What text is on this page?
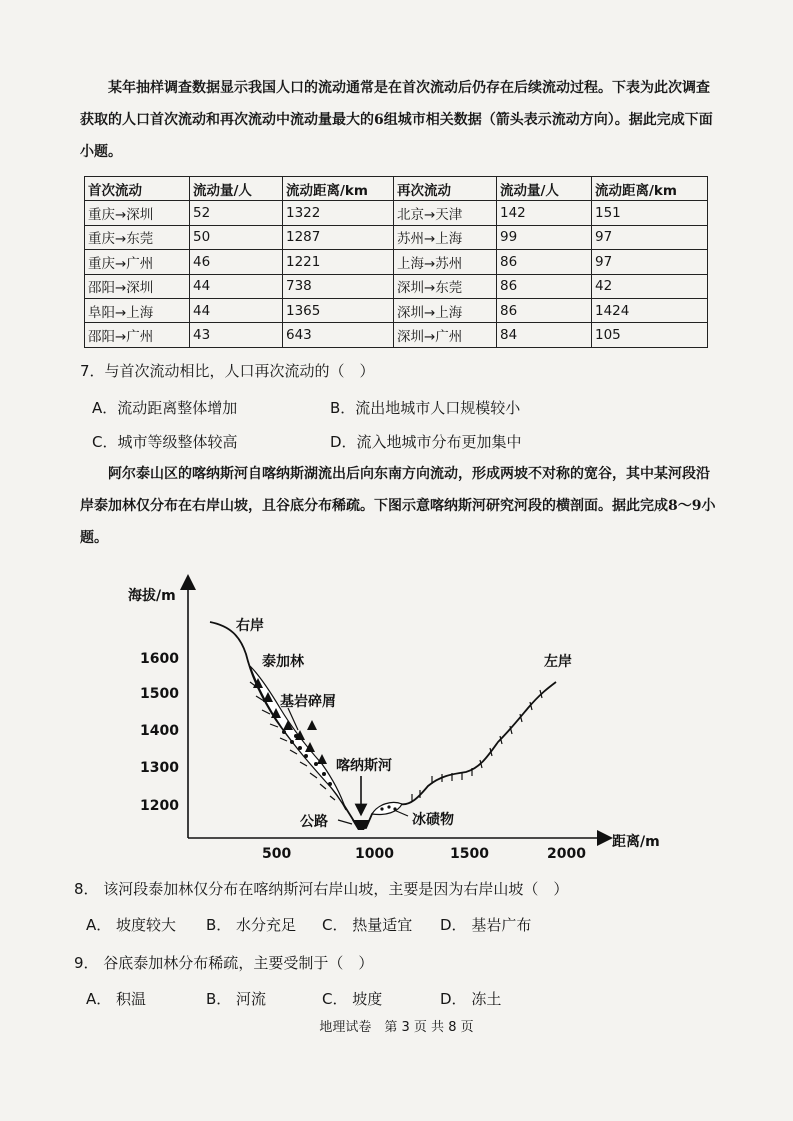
某年抽样调查数据显示我国人口的流动通常是在首次流动后仍存在后续流动过程。下表为此次调查获取的人口首次流动和再次流动中流动量最大的6组城市相关数据（箭头表示流动方向）。据此完成下面小题。

首次流动	流动量/人	流动距离/km	再次流动	流动量/人	流动距离/km
重庆→深圳	52	1322	北京→天津	142	151
重庆→东莞	50	1287	苏州→上海	99	97
重庆→广州	46	1221	上海→苏州	86	97
邵阳→深圳	44	738	深圳→东莞	86	42
阜阳→上海	44	1365	深圳→上海	86	1424
邵阳→广州	43	643	深圳→广州	84	105

7．与首次流动相比，人口再次流动的（　）

A．流动距离整体增加	B．流出地城市人口规模较小

C．城市等级整体较高	D．流入地城市分布更加集中

阿尔泰山区的喀纳斯河自喀纳斯湖流出后向东南方向流动，形成两坡不对称的宽谷，其中某河段沿岸泰加林仅分布在右岸山坡，且谷底分布稀疏。下图示意喀纳斯河研究河段的横剖面。据此完成8～9小题。

海拔/m
距离/m
1600
1500
1400
1300
1200
500	1000	1500	2000
右岸
左岸
泰加林
基岩碎屑
喀纳斯河
公路	冰碛物

8． 该河段泰加林仅分布在喀纳斯河右岸山坡，主要是因为右岸山坡（　）

A． 坡度较大 B． 水分充足 C． 热量适宜 D． 基岩广布

9． 谷底泰加林分布稀疏，主要受制于（　）

A． 积温	B． 河流	C． 坡度	D． 冻土

地理试卷　第 3 页 共 8 页
